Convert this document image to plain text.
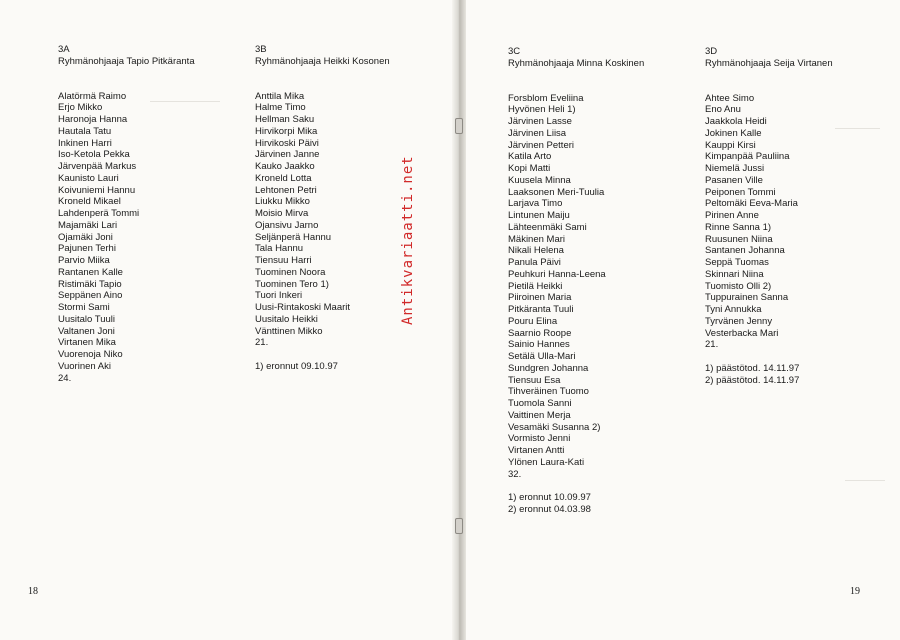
3A
Ryhmänohjaaja Tapio Pitkäranta
Alatörmä Raimo
Erjo Mikko
Haronoja Hanna
Hautala Tatu
Inkinen Harri
Iso-Ketola Pekka
Järvenpää Markus
Kaunisto Lauri
Koivuniemi Hannu
Kroneld Mikael
Lahdenperä Tommi
Majamäki Lari
Ojamäki Joni
Pajunen Terhi
Parvio Miika
Rantanen Kalle
Ristimäki Tapio
Seppänen Aino
Stormi Sami
Uusitalo Tuuli
Valtanen Joni
Virtanen Mika
Vuorenoja Niko
Vuorinen Aki
24.
3B
Ryhmänohjaaja Heikki Kosonen
Anttila Mika
Halme Timo
Hellman Saku
Hirvikorpi Mika
Hirvikoski Päivi
Järvinen Janne
Kauko Jaakko
Kroneld Lotta
Lehtonen Petri
Liukku Mikko
Moisio Mirva
Ojansivu Jarno
Seljänperä Hannu
Tala Hannu
Tiensuu Harri
Tuominen Noora
Tuominen Tero 1)
Tuori Inkeri
Uusi-Rintakoski Maarit
Uusitalo Heikki
Vänttinen Mikko
21.
1) eronnut 09.10.97
3C
Ryhmänohjaaja Minna Koskinen
Forsblom Eveliina
Hyvönen Heli 1)
Järvinen Lasse
Järvinen Liisa
Järvinen Petteri
Katila Arto
Kopi Matti
Kuusela Minna
Laaksonen Meri-Tuulia
Larjava Timo
Lintunen Maiju
Lähteenmäki Sami
Mäkinen Mari
Nikali Helena
Panula Päivi
Peuhkuri Hanna-Leena
Pietilä Heikki
Piiroinen Maria
Pitkäranta Tuuli
Pouru Elina
Saarnio Roope
Sainio Hannes
Setälä Ulla-Mari
Sundgren Johanna
Tiensuu Esa
Tihveräinen Tuomo
Tuomola Sanni
Vaittinen Merja
Vesamäki Susanna 2)
Vormisto Jenni
Virtanen Antti
Ylönen Laura-Kati
32.
1) eronnut 10.09.97
2) eronnut 04.03.98
3D
Ryhmänohjaaja Seija Virtanen
Ahtee Simo
Eno Anu
Jaakkola Heidi
Jokinen Kalle
Kauppi Kirsi
Kimpanpää Pauliina
Niemelä Jussi
Pasanen Ville
Peiponen Tommi
Peltomäki Eeva-Maria
Pirinen Anne
Rinne Sanna 1)
Ruusunen Niina
Santanen Johanna
Seppä Tuomas
Skinnari Niina
Tuomisto Olli 2)
Tuppurainen Sanna
Tyni Annukka
Tyrvänen Jenny
Vesterbacka Mari
21.
1) päästötod. 14.11.97
2) päästötod. 14.11.97
Antikvariaatti.net
18	19
